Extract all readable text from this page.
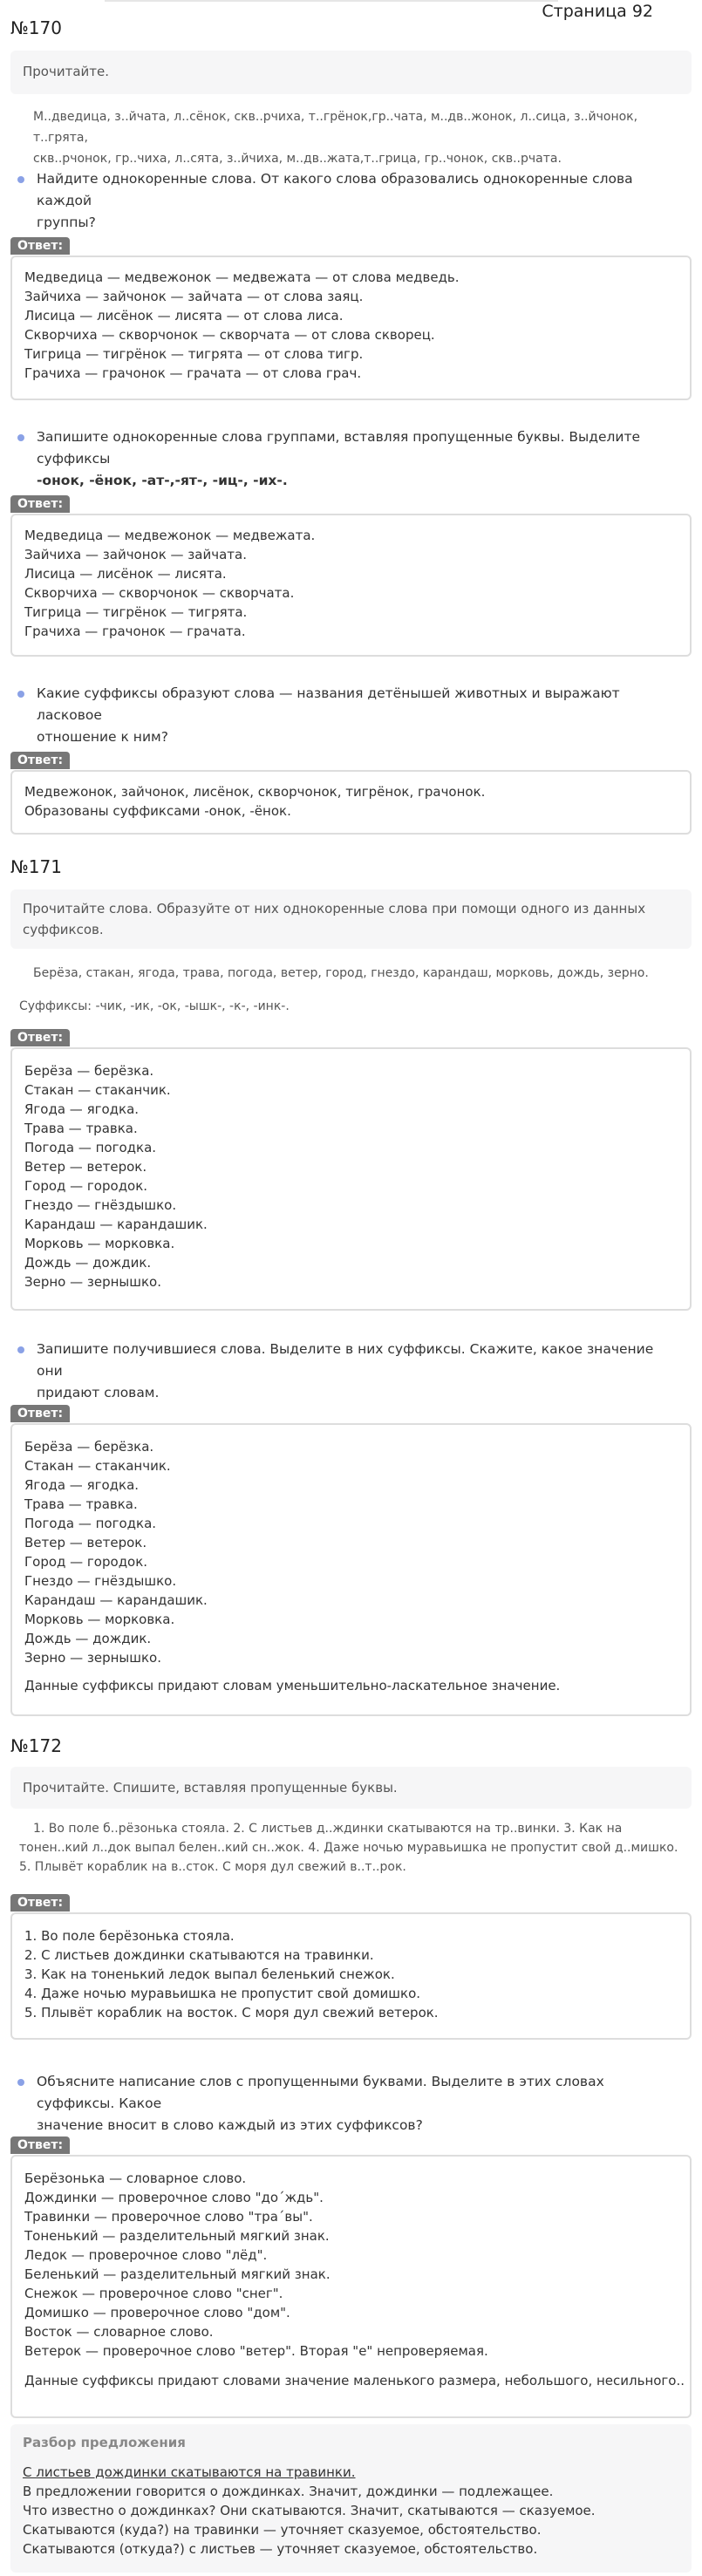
Страница 92
№170
Прочитайте.
М..дведица, з..йчата, л..сёнок, скв..рчиха, т..грёнок,гр..чата, м..дв..жонок, л..сица, з..йчонок, т..грята,
скв..рчонок, гр..чиха, л..сята, з..йчиха, м..дв..жата,т..грица, гр..чонок, скв..рчата.
Найдите однокоренные слова. От какого слова образовались однокоренные слова каждой
группы?
Ответ:
Медведица — медвежонок — медвежата — от слова медведь.
Зайчиха — зайчонок — зайчата — от слова заяц.
Лисица — лисёнок — лисята — от слова лиса.
Скворчиха — скворчонок — скворчата — от слова скворец.
Тигрица — тигрёнок — тигрята — от слова тигр.
Грачиха — грачонок — грачата — от слова грач.
Запишите однокоренные слова группами, вставляя пропущенные буквы. Выделите суффиксы
-онок, -ёнок, -ат-,-ят-, -иц-, -их-.
Ответ:
Медведица — медвежонок — медвежата.
Зайчиха — зайчонок — зайчата.
Лисица — лисёнок — лисята.
Скворчиха — скворчонок — скворчата.
Тигрица — тигрёнок — тигрята.
Грачиха — грачонок — грачата.
Какие суффиксы образуют слова — названия детёнышей животных и выражают ласковое
отношение к ним?
Ответ:
Медвежонок, зайчонок, лисёнок, скворчонок, тигрёнок, грачонок.
Образованы суффиксами -онок, -ёнок.
№171
Прочитайте слова. Образуйте от них однокоренные слова при помощи одного из данных
суффиксов.
Берёза, стакан, ягода, трава, погода, ветер, город, гнездо, карандаш, морковь, дождь, зерно.
Суффиксы: -чик, -ик, -ок, -ышк-, -к-, -инк-.
Ответ:
Берёза — берёзка.
Стакан — стаканчик.
Ягода — ягодка.
Трава — травка.
Погода — погодка.
Ветер — ветерок.
Город — городок.
Гнездо — гнёздышко.
Карандаш — карандашик.
Морковь — морковка.
Дождь — дождик.
Зерно — зернышко.
Запишите получившиеся слова. Выделите в них суффиксы. Скажите, какое значение они
придают словам.
Ответ:
Берёза — берёзка.
Стакан — стаканчик.
Ягода — ягодка.
Трава — травка.
Погода — погодка.
Ветер — ветерок.
Город — городок.
Гнездо — гнёздышко.
Карандаш — карандашик.
Морковь — морковка.
Дождь — дождик.
Зерно — зернышко.
Данные суффиксы придают словам уменьшительно-ласкательное значение.
№172
Прочитайте. Спишите, вставляя пропущенные буквы.
1. Во поле б..рёзонька стояла. 2. С листьев д..ждинки скатываются на тр..винки. 3. Как на
тонен..кий л..док выпал белен..кий сн..жок. 4. Даже ночью муравьишка не пропустит свой д..мишко.
5. Плывёт кораблик на в..сток. С моря дул свежий в..т..рок.
Ответ:
1. Во поле берёзонька стояла.
2. С листьев дождинки скатываются на травинки.
3. Как на тоненький ледок выпал беленький снежок.
4. Даже ночью муравьишка не пропустит свой домишко.
5. Плывёт кораблик на восток. С моря дул свежий ветерок.
Объясните написание слов с пропущенными буквами. Выделите в этих словах суффиксы. Какое
значение вносит в слово каждый из этих суффиксов?
Ответ:
Берёзонька — словарное слово.
Дождинки — проверочное слово "до´ждь".
Травинки — проверочное слово "тра´вы".
Тоненький — разделительный мягкий знак.
Ледок — проверочное слово "лёд".
Беленький — разделительный мягкий знак.
Снежок — проверочное слово "снег".
Домишко — проверочное слово "дом".
Восток — словарное слово.
Ветерок — проверочное слово "ветер". Вторая "е" непроверяемая.
Данные суффиксы придают словами значение маленького размера, небольшого, несильного..
Разбор предложения
С листьев дождинки скатываются на травинки.
В предложении говорится о дождинках. Значит, дождинки — подлежащее.
Что известно о дождинках? Они скатываются. Значит, скатываются — сказуемое.
Скатываются (куда?) на травинки — уточняет сказуемое, обстоятельство.
Скатываются (откуда?) с листьев — уточняет сказуемое, обстоятельство.
